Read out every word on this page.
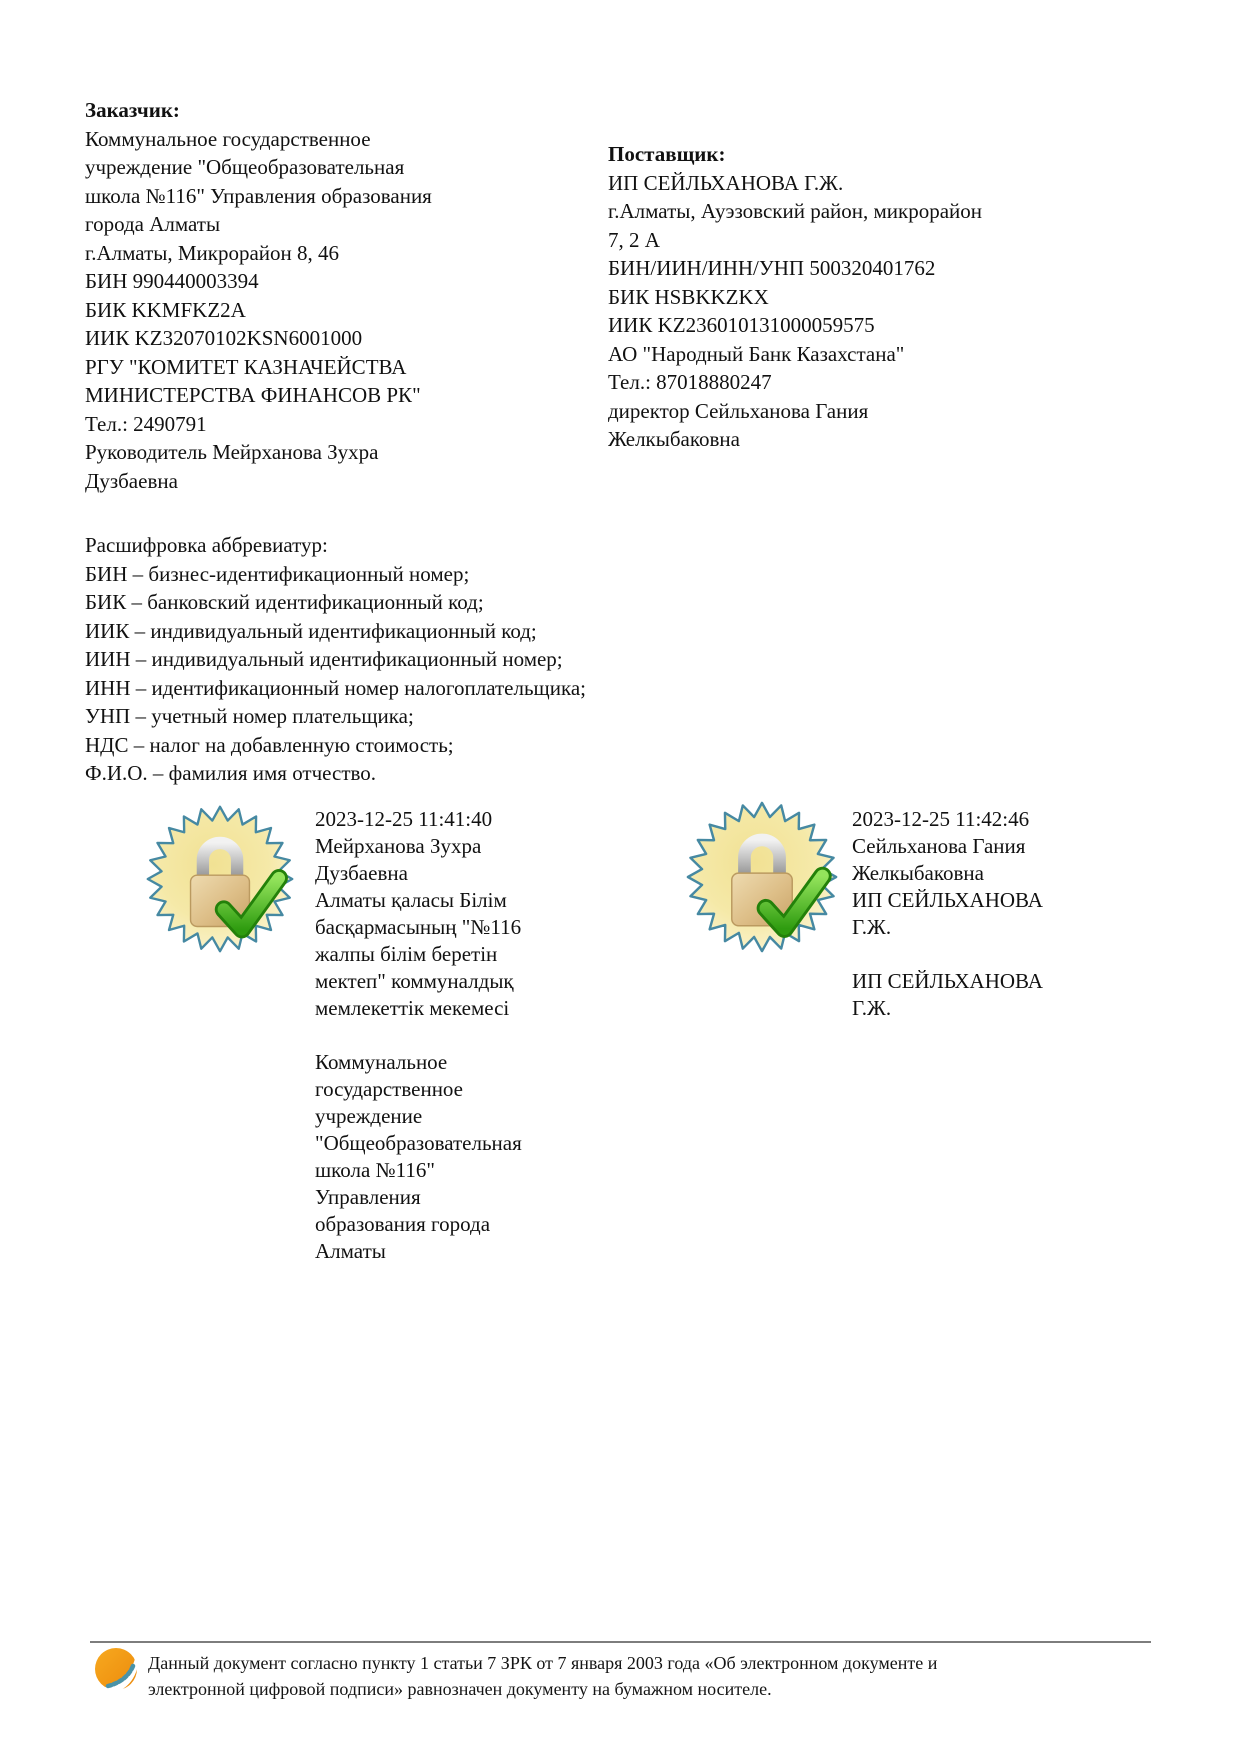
Заказчик:
Коммунальное государственное
учреждение "Общеобразовательная
школа №116" Управления образования
города Алматы
г.Алматы, Микрорайон 8, 46
БИН 990440003394
БИК KKMFKZ2A
ИИК KZ32070102KSN6001000
РГУ "КОМИТЕТ КАЗНАЧЕЙСТВА
МИНИСТЕРСТВА ФИНАНСОВ РК"
Тел.: 2490791
Руководитель Мейрханова Зухра
Дузбаевна
Поставщик:
ИП СЕЙЛЬХАНОВА Г.Ж.
г.Алматы, Ауэзовский район, микрорайон
7, 2 А
БИН/ИИН/ИНН/УНП 500320401762
БИК HSBKKZKX
ИИК KZ236010131000059575
АО "Народный Банк Казахстана"
Тел.: 87018880247
директор Сейльханова Гания
Желкыбаковна
Расшифровка аббревиатур:
БИН – бизнес-идентификационный номер;
БИК – банковский идентификационный код;
ИИК – индивидуальный идентификационный код;
ИИН – индивидуальный идентификационный номер;
ИНН – идентификационный номер налогоплательщика;
УНП – учетный номер плательщика;
НДС – налог на добавленную стоимость;
Ф.И.О. – фамилия имя отчество.
2023-12-25 11:41:40
Мейрханова Зухра
Дузбаевна
Алматы қаласы Білім
басқармасының "№116
жалпы білім беретін
мектеп" коммуналдық
мемлекеттік мекемесі

Коммунальное
государственное
учреждение
"Общеобразовательная
школа №116"
Управления
образования города
Алматы
2023-12-25 11:42:46
Сейльханова Гания
Желкыбаковна
ИП СЕЙЛЬХАНОВА
Г.Ж.

ИП СЕЙЛЬХАНОВА
Г.Ж.
Данный документ согласно пункту 1 статьи 7 ЗРК от 7 января 2003 года «Об электронном документе и
электронной цифровой подписи» равнозначен документу на бумажном носителе.
